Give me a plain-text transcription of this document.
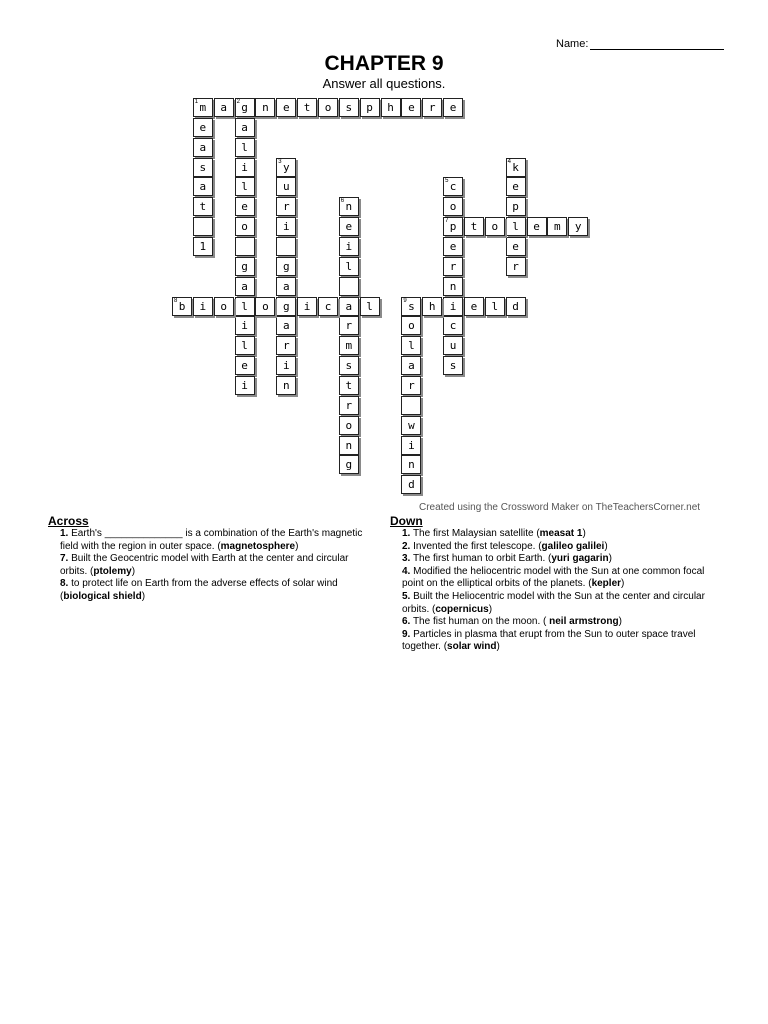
Name:
CHAPTER 9
Answer all questions.
1 m a 2 g n e t o s p h e r e
e
a
s
a
t
1
a
l
i
l
e
o
g
a
l
i
l
e
i
3 y
u
r
i
g
a
g
a
r
i
n
4 k
e
p
l
e
r
5 c
o
7 p
e
r
n
i
c
u
s
6 n
e
i
l
a
r
m
s
t
r
o
n
g
t o	e m y
8 b i o	o	i c	l	9 s h	e l d
o
l
a
r
w
i
n
d
Created using the Crossword Maker on TheTeachersCorner.net
Across
1. Earth's ______________ is a combination of the Earth's magnetic field with the region in outer space. (magnetosphere)
7. Built the Geocentric model with Earth at the center and circular orbits. (ptolemy)
8. to protect life on Earth from the adverse effects of solar wind (biological shield)
Down
1. The first Malaysian satellite (measat 1)
2. Invented the first telescope. (galileo galilei)
3. The first human to orbit Earth. (yuri gagarin)
4. Modified the heliocentric model with the Sun at one common focal point on the elliptical orbits of the planets. (kepler)
5. Built the Heliocentric model with the Sun at the center and circular orbits. (copernicus)
6. The fist human on the moon. ( neil armstrong)
9. Particles in plasma that erupt from the Sun to outer space travel together. (solar wind)
